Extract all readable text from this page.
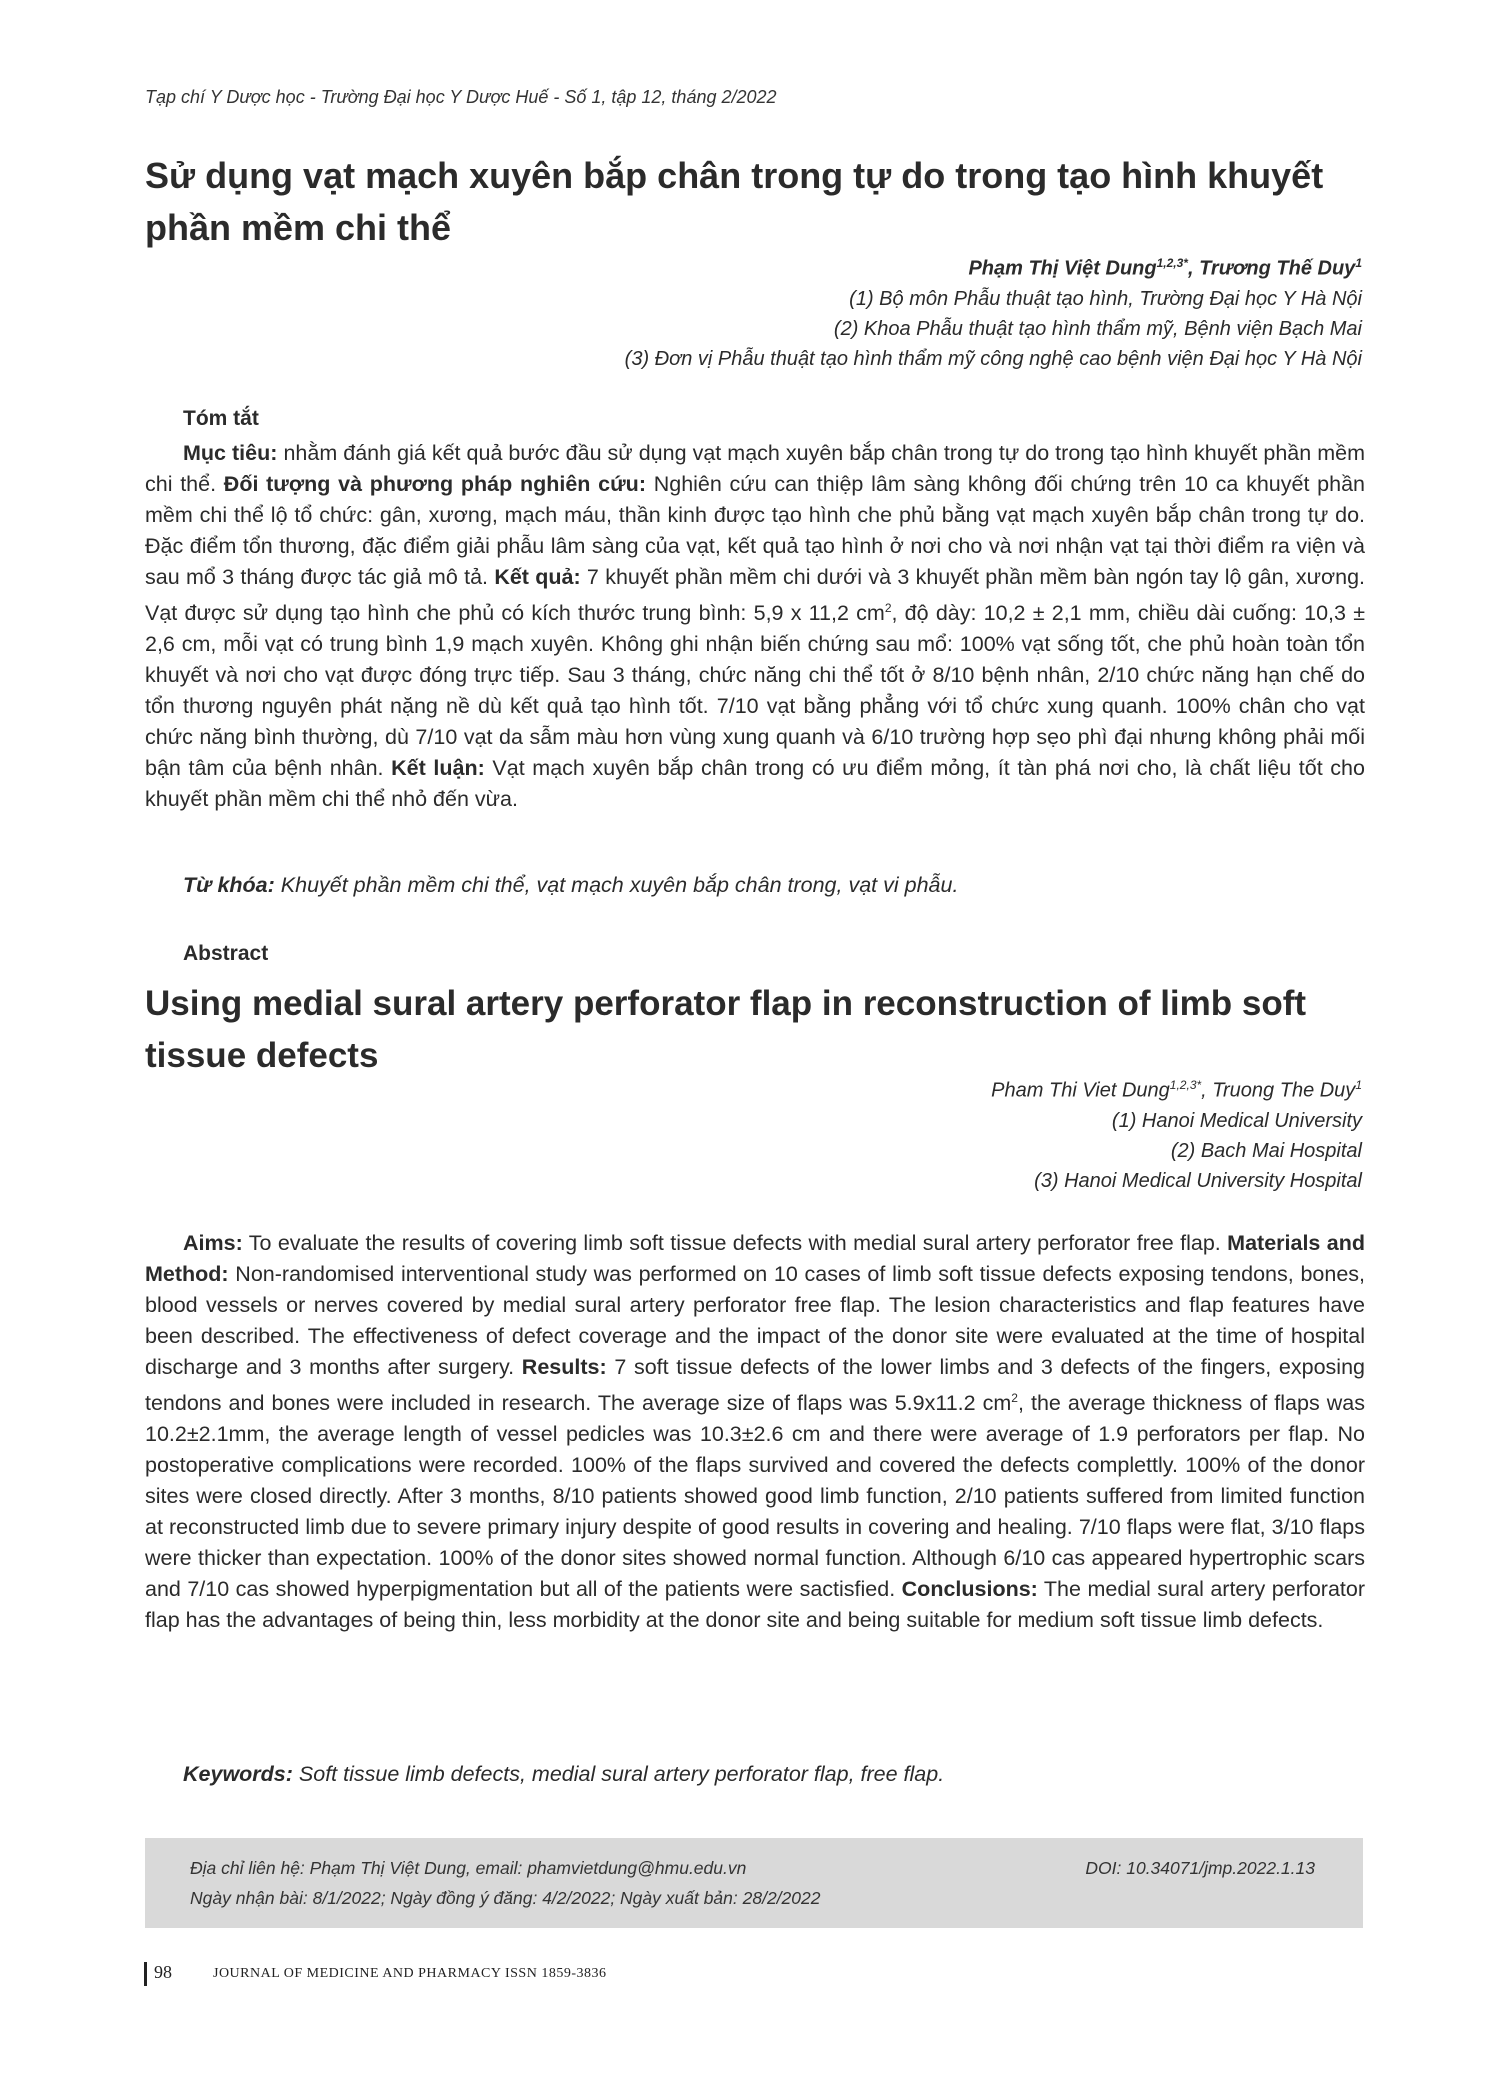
Tạp chí Y Dược học - Trường Đại học Y Dược Huế - Số 1, tập 12, tháng 2/2022
Sử dụng vạt mạch xuyên bắp chân trong tự do trong tạo hình khuyết phần mềm chi thể
Phạm Thị Việt Dung$^{1,2,3*}$, Trương Thế Duy$^1$
(1) Bộ môn Phẫu thuật tạo hình, Trường Đại học Y Hà Nội
(2) Khoa Phẫu thuật tạo hình thẩm mỹ, Bệnh viện Bạch Mai
(3) Đơn vị Phẫu thuật tạo hình thẩm mỹ công nghệ cao bệnh viện Đại học Y Hà Nội
Tóm tắt

Mục tiêu: nhằm đánh giá kết quả bước đầu sử dụng vạt mạch xuyên bắp chân trong tự do trong tạo hình khuyết phần mềm chi thể. Đối tượng và phương pháp nghiên cứu: Nghiên cứu can thiệp lâm sàng không đối chứng trên 10 ca khuyết phần mềm chi thể lộ tổ chức: gân, xương, mạch máu, thần kinh được tạo hình che phủ bằng vạt mạch xuyên bắp chân trong tự do. Đặc điểm tổn thương, đặc điểm giải phẫu lâm sàng của vạt, kết quả tạo hình ở nơi cho và nơi nhận vạt tại thời điểm ra viện và sau mổ 3 tháng được tác giả mô tả. Kết quả: 7 khuyết phần mềm chi dưới và 3 khuyết phần mềm bàn ngón tay lộ gân, xương. Vạt được sử dụng tạo hình che phủ có kích thước trung bình: 5,9 x 11,2 $cm^2$, độ dày: 10,2 ± 2,1 mm, chiều dài cuống: 10,3 ± 2,6 cm, mỗi vạt có trung bình 1,9 mạch xuyên. Không ghi nhận biến chứng sau mổ: 100% vạt sống tốt, che phủ hoàn toàn tổn khuyết và nơi cho vạt được đóng trực tiếp. Sau 3 tháng, chức năng chi thể tốt ở 8/10 bệnh nhân, 2/10 chức năng hạn chế do tổn thương nguyên phát nặng nề dù kết quả tạo hình tốt. 7/10 vạt bằng phẳng với tổ chức xung quanh. 100% chân cho vạt chức năng bình thường, dù 7/10 vạt da sẫm màu hơn vùng xung quanh và 6/10 trường hợp sẹo phì đại nhưng không phải mối bận tâm của bệnh nhân. Kết luận: Vạt mạch xuyên bắp chân trong có ưu điểm mỏng, ít tàn phá nơi cho, là chất liệu tốt cho khuyết phần mềm chi thể nhỏ đến vừa.

Từ khóa: Khuyết phần mềm chi thể, vạt mạch xuyên bắp chân trong, vạt vi phẫu.
Abstract
Using medial sural artery perforator flap in reconstruction of limb soft tissue defects
Pham Thi Viet Dung$^{1,2,3*}$, Truong The Duy$^1$
(1) Hanoi Medical University
(2) Bach Mai Hospital
(3) Hanoi Medical University Hospital

Aims: To evaluate the results of covering limb soft tissue defects with medial sural artery perforator free flap. Materials and Method: Non-randomised interventional study was performed on 10 cases of limb soft tissue defects exposing tendons, bones, blood vessels or nerves covered by medial sural artery perforator free flap. The lesion characteristics and flap features have been described. The effectiveness of defect coverage and the impact of the donor site were evaluated at the time of hospital discharge and 3 months after surgery. Results: 7 soft tissue defects of the lower limbs and 3 defects of the fingers, exposing tendons and bones were included in research. The average size of flaps was 5.9x11.2 $cm^2$, the average thickness of flaps was 10.2±2.1mm, the average length of vessel pedicles was 10.3±2.6 cm and there were average of 1.9 perforators per flap. No postoperative complications were recorded. 100% of the flaps survived and covered the defects complettly. 100% of the donor sites were closed directly. After 3 months, 8/10 patients showed good limb function, 2/10 patients suffered from limited function at reconstructed limb due to severe primary injury despite of good results in covering and healing. 7/10 flaps were flat, 3/10 flaps were thicker than expectation. 100% of the donor sites showed normal function. Although 6/10 cas appeared hypertrophic scars and 7/10 cas showed hyperpigmentation but all of the patients were sactisfied. Conclusions: The medial sural artery perforator flap has the advantages of being thin, less morbidity at the donor site and being suitable for medium soft tissue limb defects.

Keywords: Soft tissue limb defects, medial sural artery perforator flap, free flap.
Địa chỉ liên hệ: Phạm Thị Việt Dung, email: phamvietdung@hmu.edu.vn
Ngày nhận bài: 8/1/2022; Ngày đồng ý đăng: 4/2/2022; Ngày xuất bản: 28/2/2022
DOI: 10.34071/jmp.2022.1.13
98	JOURNAL OF MEDICINE AND PHARMACY ISSN 1859-3836
